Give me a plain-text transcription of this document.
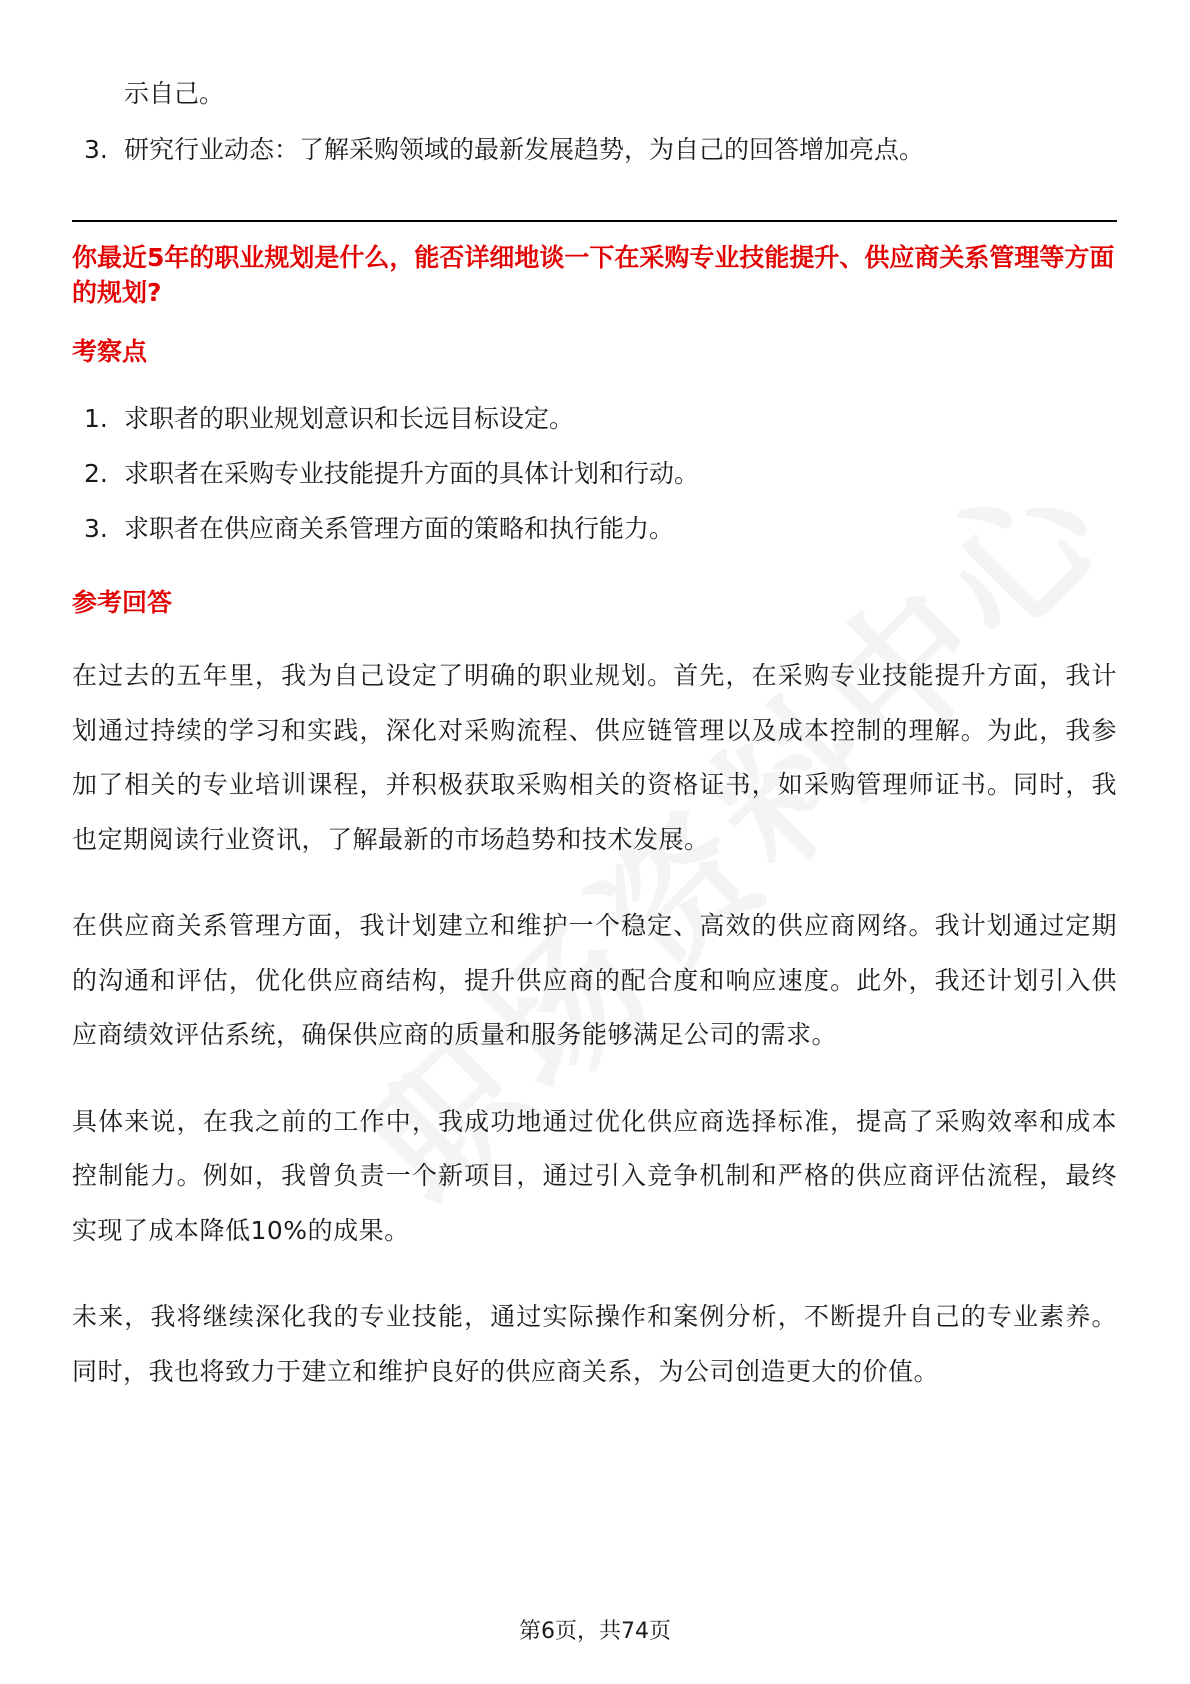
示自己。
3. 研究行业动态：了解采购领域的最新发展趋势，为自己的回答增加亮点。
你最近5年的职业规划是什么，能否详细地谈一下在采购专业技能提升、供应商关系管理等方面的规划?
考察点
1. 求职者的职业规划意识和长远目标设定。
2. 求职者在采购专业技能提升方面的具体计划和行动。
3. 求职者在供应商关系管理方面的策略和执行能力。
参考回答

在过去的五年里，我为自己设定了明确的职业规划。首先，在采购专业技能提升方面，我计划通过持续的学习和实践，深化对采购流程、供应链管理以及成本控制的理解。为此，我参加了相关的专业培训课程，并积极获取采购相关的资格证书，如采购管理师证书。同时，我也定期阅读行业资讯，了解最新的市场趋势和技术发展。

在供应商关系管理方面，我计划建立和维护一个稳定、高效的供应商网络。我计划通过定期的沟通和评估，优化供应商结构，提升供应商的配合度和响应速度。此外，我还计划引入供应商绩效评估系统，确保供应商的质量和服务能够满足公司的需求。

具体来说，在我之前的工作中，我成功地通过优化供应商选择标准，提高了采购效率和成本控制能力。例如，我曾负责一个新项目，通过引入竞争机制和严格的供应商评估流程，最终实现了成本降低10%的成果。

未来，我将继续深化我的专业技能，通过实际操作和案例分析，不断提升自己的专业素养。同时，我也将致力于建立和维护良好的供应商关系，为公司创造更大的价值。

第6页，共74页
